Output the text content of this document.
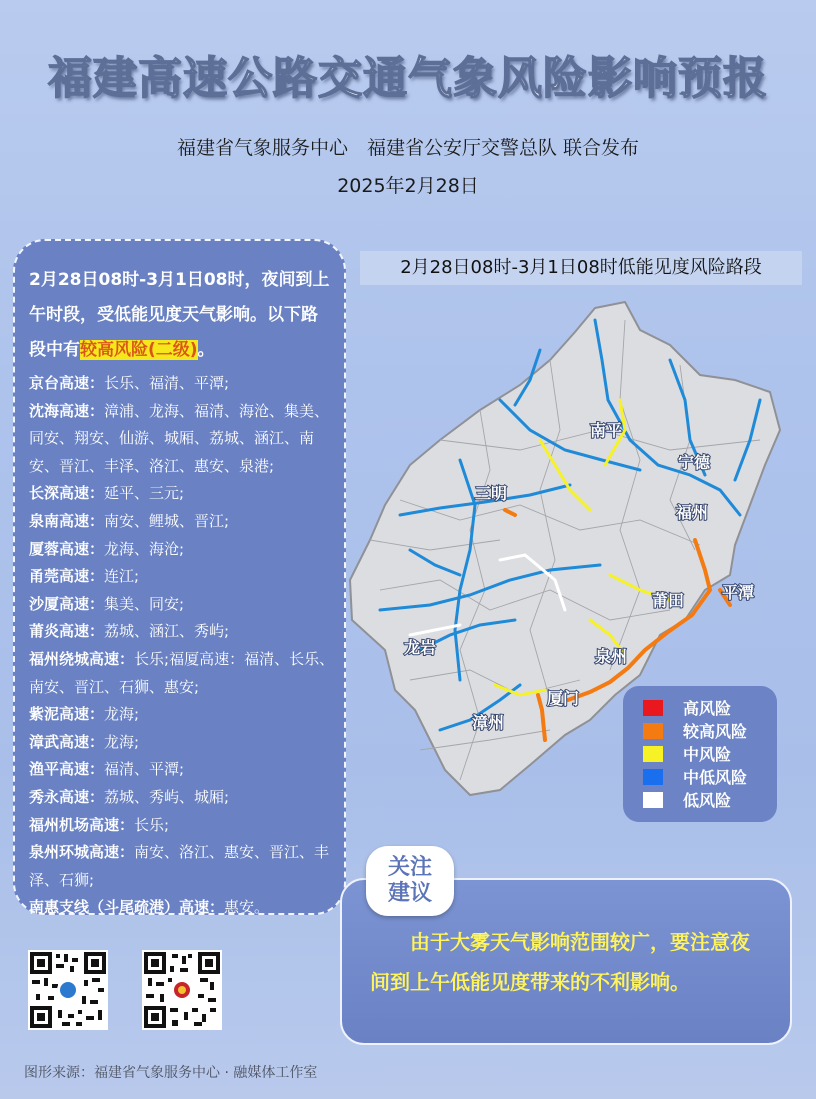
福建高速公路交通气象风险影响预报
福建省气象服务中心　福建省公安厅交警总队 联合发布
2025年2月28日
2月28日08时-3月1日08时，夜间到上午时段，受低能见度天气影响。以下路段中有较高风险(二级)。
京台高速：长乐、福清、平潭;
沈海高速：漳浦、龙海、福清、海沧、集美、同安、翔安、仙游、城厢、荔城、涵江、南安、晋江、丰泽、洛江、惠安、泉港;
长深高速：延平、三元;
泉南高速：南安、鲤城、晋江;
厦蓉高速：龙海、海沧;
甬莞高速：连江;
沙厦高速：集美、同安;
莆炎高速：荔城、涵江、秀屿;
福州绕城高速：长乐;福厦高速：福清、长乐、南安、晋江、石狮、惠安;
紫泥高速：龙海;
漳武高速：龙海;
渔平高速：福清、平潭;
秀永高速：荔城、秀屿、城厢;
福州机场高速：长乐;
泉州环城高速：南安、洛江、惠安、晋江、丰泽、石狮;
南惠支线（斗尾疏港）高速：惠安。
2月28日08时-3月1日08时低能见度风险路段
南平
宁德
三明
福州
莆田 平潭
龙岩	泉州
厦门
漳州
高风险
较高风险
中风险
中低风险
低风险
由于大雾天气影响范围较广，要注意夜间到上午低能见度带来的不利影响。
关注
建议
图形来源：福建省气象服务中心 · 融媒体工作室
